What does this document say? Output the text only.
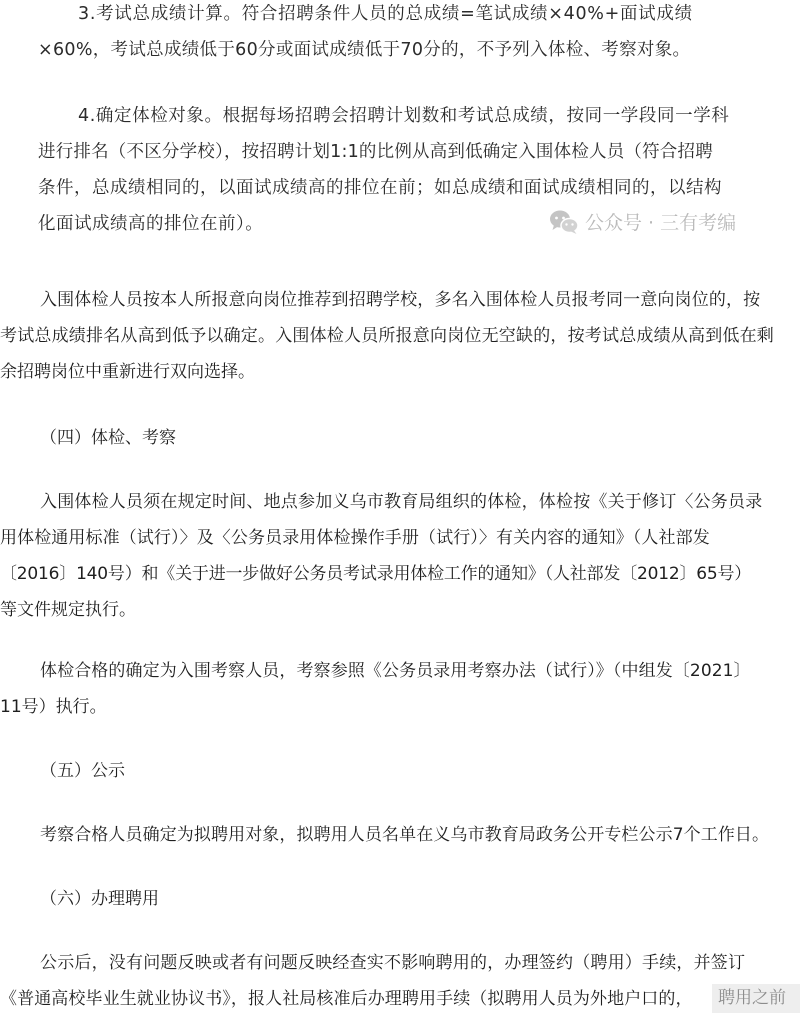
3.考试总成绩计算。符合招聘条件人员的总成绩=笔试成绩×40%+面试成绩
×60%，考试总成绩低于60分或面试成绩低于70分的，不予列入体检、考察对象。
4.确定体检对象。根据每场招聘会招聘计划数和考试总成绩，按同一学段同一学科
进行排名（不区分学校），按招聘计划1:1的比例从高到低确定入围体检人员（符合招聘
条件，总成绩相同的，以面试成绩高的排位在前；如总成绩和面试成绩相同的，以结构
化面试成绩高的排位在前）。	公众号 · 三有考编
入围体检人员按本人所报意向岗位推荐到招聘学校，多名入围体检人员报考同一意向岗位的，按
考试总成绩排名从高到低予以确定。入围体检人员所报意向岗位无空缺的，按考试总成绩从高到低在剩
余招聘岗位中重新进行双向选择。
（四）体检、考察
入围体检人员须在规定时间、地点参加义乌市教育局组织的体检，体检按《关于修订〈公务员录
用体检通用标准（试行）〉及〈公务员录用体检操作手册（试行）〉有关内容的通知》（人社部发
〔2016〕140号）和《关于进一步做好公务员考试录用体检工作的通知》（人社部发〔2012〕65号）
等文件规定执行。
体检合格的确定为入围考察人员，考察参照《公务员录用考察办法（试行）》（中组发〔2021〕
11号）执行。
（五）公示
考察合格人员确定为拟聘用对象，拟聘用人员名单在义乌市教育局政务公开专栏公示7个工作日。
（六）办理聘用
公示后，没有问题反映或者有问题反映经查实不影响聘用的，办理签约（聘用）手续，并签订
《普通高校毕业生就业协议书》，报人社局核准后办理聘用手续（拟聘用人员为外地户口的，	聘用之前
